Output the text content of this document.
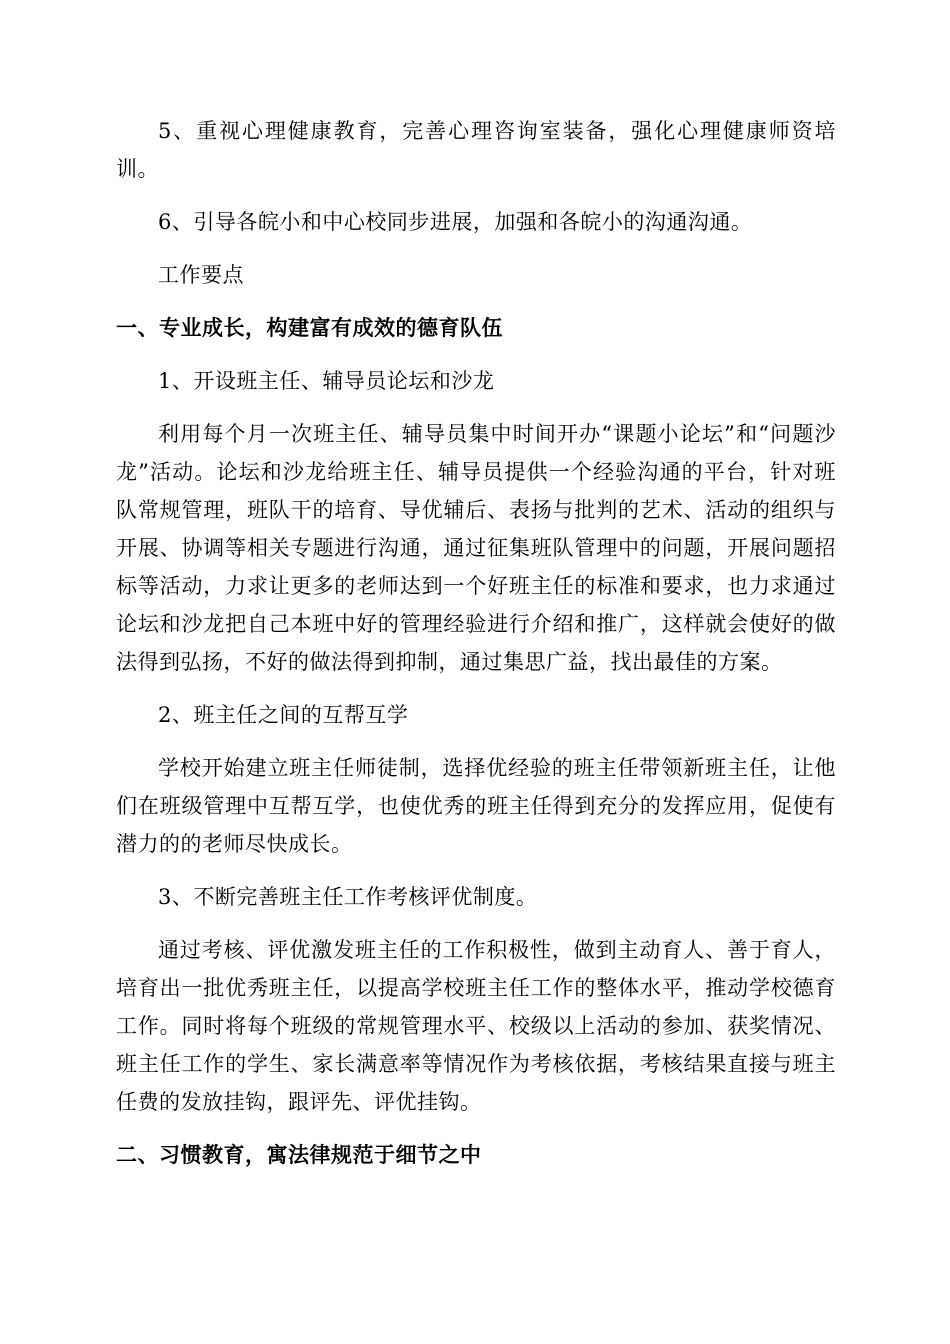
5、重视心理健康教育，完善心理咨询室装备，强化心理健康师资培训。

6、引导各皖小和中心校同步进展，加强和各皖小的沟通沟通。

工作要点

一、专业成长，构建富有成效的德育队伍

1、开设班主任、辅导员论坛和沙龙

利用每个月一次班主任、辅导员集中时间开办“课题小论坛”和“问题沙龙”活动。论坛和沙龙给班主任、辅导员提供一个经验沟通的平台，针对班队常规管理，班队干的培育、导优辅后、表扬与批判的艺术、活动的组织与开展、协调等相关专题进行沟通，通过征集班队管理中的问题，开展问题招标等活动，力求让更多的老师达到一个好班主任的标准和要求，也力求通过论坛和沙龙把自己本班中好的管理经验进行介绍和推广，这样就会使好的做法得到弘扬，不好的做法得到抑制，通过集思广益，找出最佳的方案。

2、班主任之间的互帮互学

学校开始建立班主任师徒制，选择优经验的班主任带领新班主任，让他们在班级管理中互帮互学，也使优秀的班主任得到充分的发挥应用，促使有潜力的的老师尽快成长。

3、不断完善班主任工作考核评优制度。

通过考核、评优激发班主任的工作积极性，做到主动育人、善于育人，培育出一批优秀班主任，以提高学校班主任工作的整体水平，推动学校德育工作。同时将每个班级的常规管理水平、校级以上活动的参加、获奖情况、班主任工作的学生、家长满意率等情况作为考核依据，考核结果直接与班主任费的发放挂钩，跟评先、评优挂钩。

二、习惯教育，寓法律规范于细节之中
